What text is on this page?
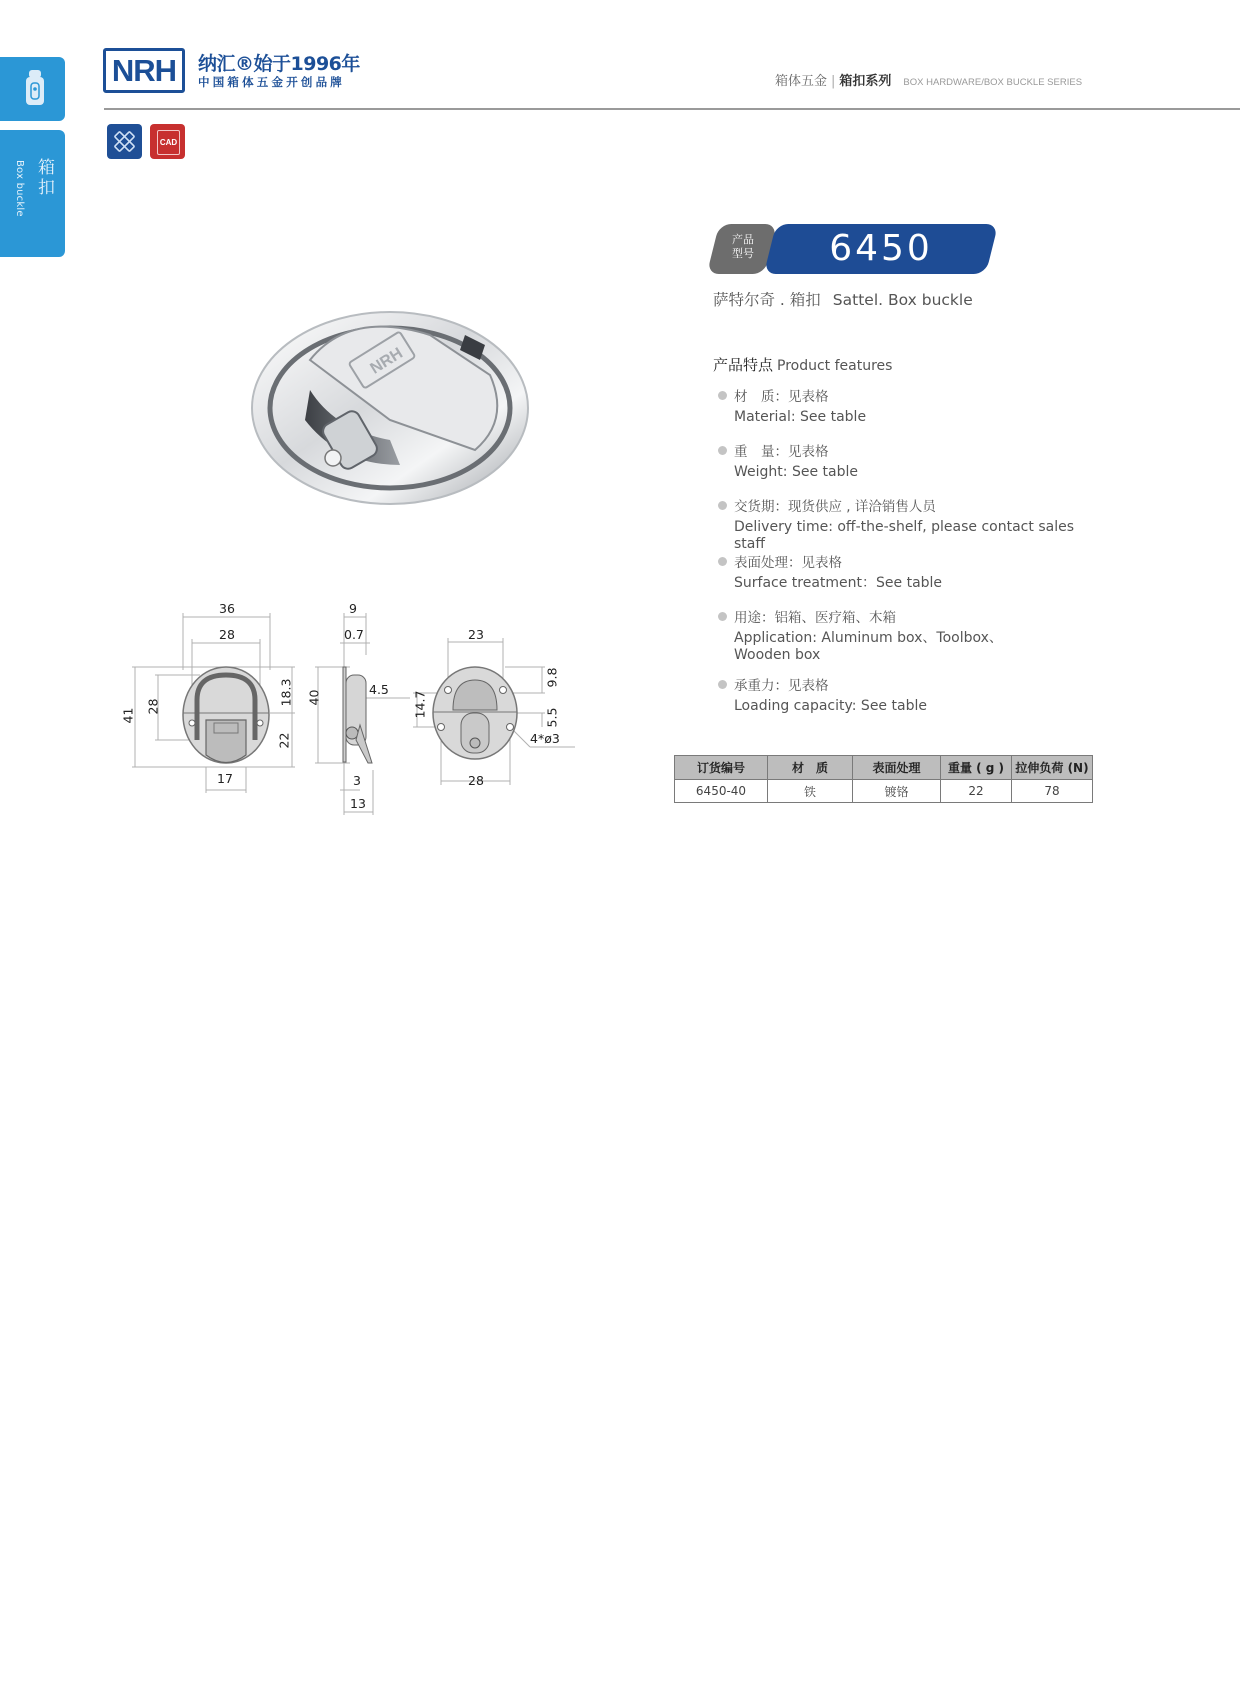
Box buckle 箱扣
NRH	纳汇®始于1996年
中国箱体五金开创品牌	箱体五金 | 箱扣系列 BOX HARDWARE/BOX BUCKLE SERIES
CAD
NRH
36
28
41
28
18.3
22
17
9
0.7
40
4.5
3
13
23
9.8
14.7	5.5
4*ø3
28
产品
型号	6450
萨特尔奇 . 箱扣 Sattel. Box buckle
产品特点 Product features
材　质：见表格
Material: See table
重　量：见表格
Weight: See table
交货期：现货供应 , 详洽销售人员
Delivery time: off-the-shelf, please contact sales staff
表面处理：见表格
Surface treatment：See table
用途：铝箱、医疗箱、木箱
Application: Aluminum box、Toolbox、Wooden box
承重力：见表格
Loading capacity: See table
订货编号	材　质	表面处理	重量 ( g )	拉伸负荷 (N)
6450-40	铁	镀铬	22	78
